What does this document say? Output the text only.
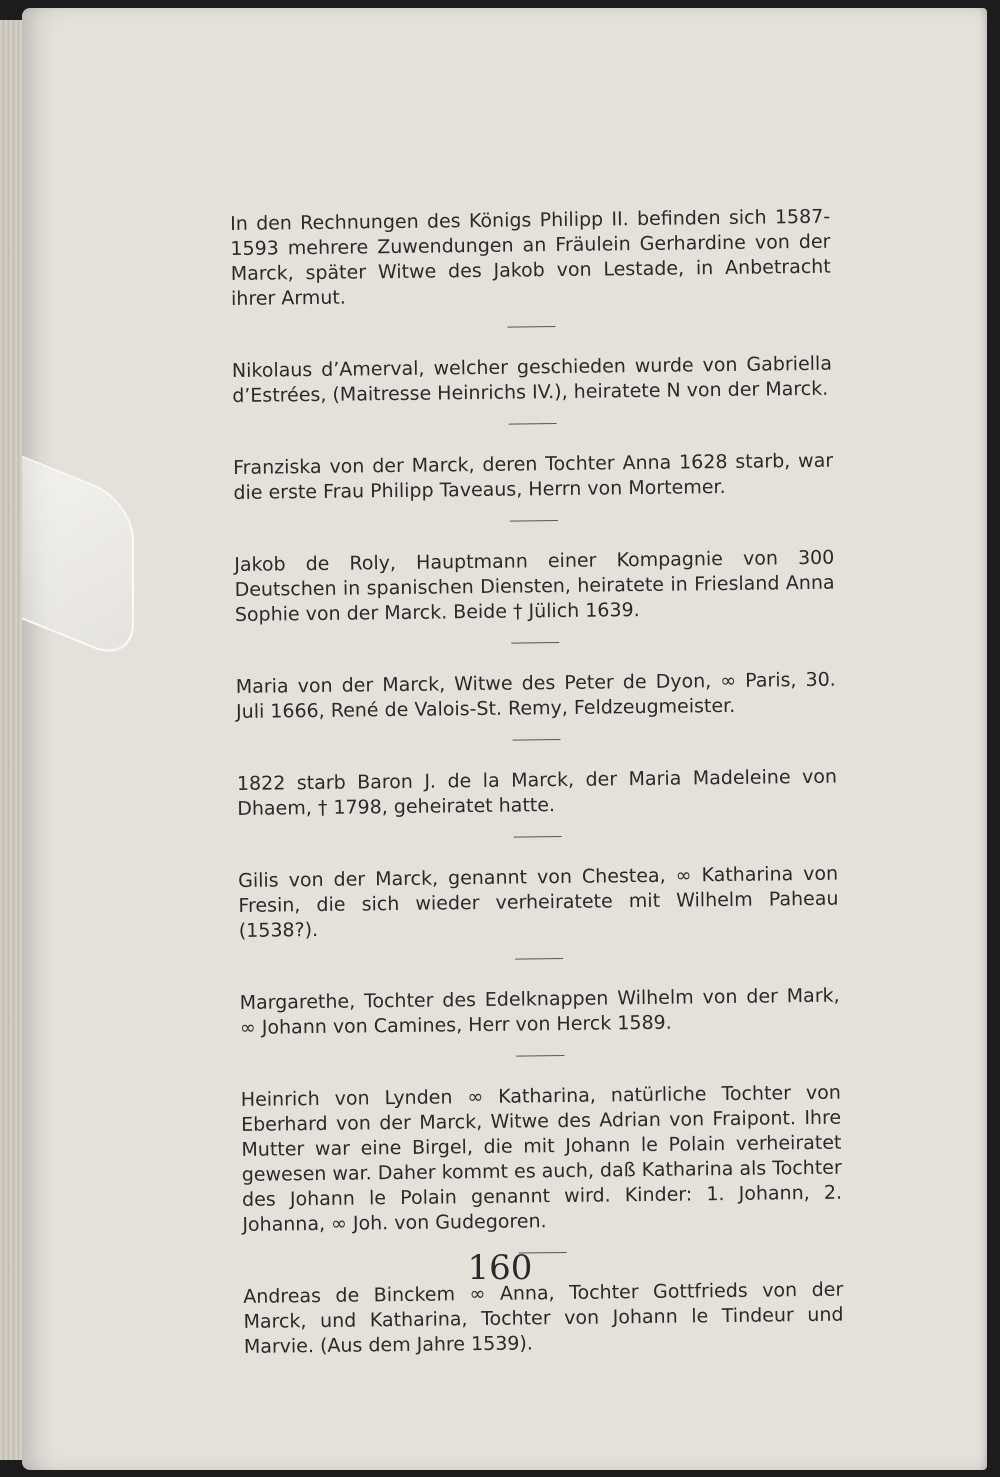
In den Rechnungen des Königs Philipp II. befinden sich 1587-1593 mehrere Zuwendungen an Fräulein Gerhardine von der Marck, später Witwe des Jakob von Lestade, in Anbetracht ihrer Armut.

Nikolaus d’Amerval, welcher geschieden wurde von Gabriella d’Estrées, (Maitresse Heinrichs IV.), heiratete N von der Marck.

Franziska von der Marck, deren Tochter Anna 1628 starb, war die erste Frau Philipp Taveaus, Herrn von Mortemer.

Jakob de Roly, Hauptmann einer Kompagnie von 300 Deutschen in spanischen Diensten, heiratete in Friesland Anna Sophie von der Marck. Beide † Jülich 1639.

Maria von der Marck, Witwe des Peter de Dyon, ∞ Paris, 30. Juli 1666, René de Valois-St. Remy, Feldzeugmeister.

1822 starb Baron J. de la Marck, der Maria Madeleine von Dhaem, † 1798, geheiratet hatte.

Gilis von der Marck, genannt von Chestea, ∞ Katharina von Fresin, die sich wieder verheiratete mit Wilhelm Paheau (1538?).

Margarethe, Tochter des Edelknappen Wilhelm von der Mark, ∞ Johann von Camines, Herr von Herck 1589.

Heinrich von Lynden ∞ Katharina, natürliche Tochter von Eberhard von der Marck, Witwe des Adrian von Fraipont. Ihre Mutter war eine Birgel, die mit Johann le Polain verheiratet gewesen war. Daher kommt es auch, daß Katharina als Tochter des Johann le Polain genannt wird. Kinder: 1. Johann, 2. Johanna, ∞ Joh. von Gudegoren.

Andreas de Binckem ∞ Anna, Tochter Gottfrieds von der Marck, und Katharina, Tochter von Johann le Tindeur und Marvie. (Aus dem Jahre 1539).

160
